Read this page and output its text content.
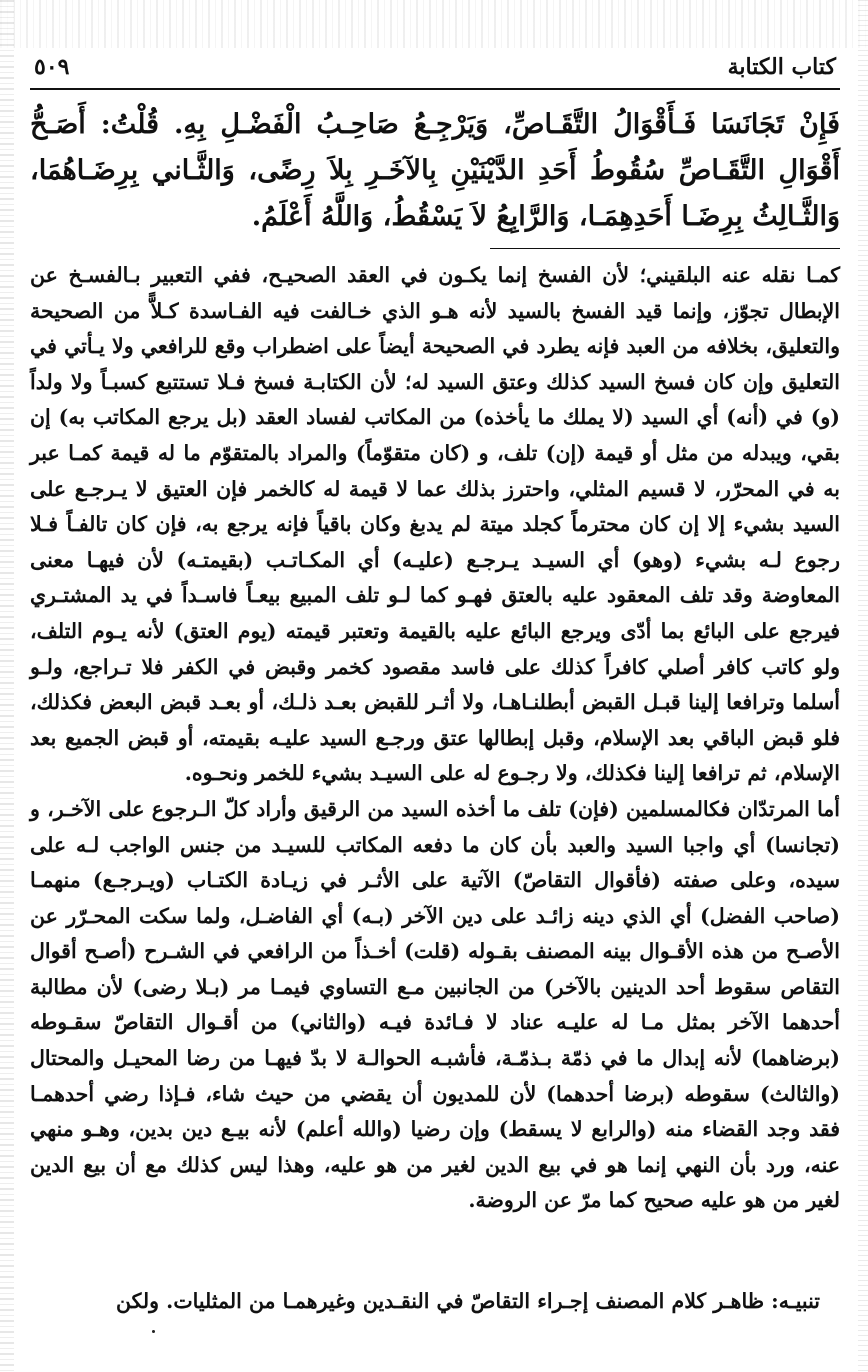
كتاب الكتابة
٥٠٩

فَإِنْ تَجَانَسَا فَـأَقْوَالُ التَّقَـاصِّ، وَيَرْجِـعُ صَاحِـبُ الْفَضْـلِ بِهِ. قُلْتُ: أَصَـحُّ أَقْوَالِ التَّقَـاصِّ سُقُوطُ أَحَدِ الدَّيْنَيْنِ بِالآخَـرِ بِلاَ رِضًى، وَالثَّـاني بِرِضَـاهُمَا، وَالثَّـالِثُ بِرِضَـا أَحَدِهِمَـا، وَالرَّابِعُ لاَ يَسْقُطُ، وَاللَّهُ أَعْلَمُ.

كمـا نقله عنه البلقيني؛ لأن الفسخ إنما يكـون في العقد الصحيـح، ففي التعبير بـالفسـخ عن الإبطال تجوّز، وإنما قيد الفسخ بالسيد لأنه هـو الذي خـالفت فيه الفـاسدة كـلاًّ من الصحيحة والتعليق، بخلافه من العبد فإنه يطرد في الصحيحة أيضاً على اضطراب وقع للرافعي ولا يـأتي في التعليق وإن كان فسخ السيد كذلك وعتق السيد له؛ لأن الكتابـة فسخ فـلا تستتبع كسبـاً ولا ولداً (و) في (أنه) أي السيد (لا يملك ما يأخذه) من المكاتب لفساد العقد (بل يرجع المكاتب به) إن بقي، ويبدله من مثل أو قيمة (إن) تلف، و (كان متقوّماً) والمراد بالمتقوّم ما له قيمة كمـا عبر به في المحرّر، لا قسيم المثلي، واحترز بذلك عما لا قيمة له كالخمر فإن العتيق لا يـرجـع على السيد بشيء إلا إن كان محترماً كجلد ميتة لم يدبغ وكان باقياً فإنه يرجع به، فإن كان تالفـاً فـلا رجوع لـه بشيء (وهو) أي السيـد يـرجـع (عليـه) أي المكـاتـب (بقيمتـه) لأن فيهـا معنى المعاوضة وقد تلف المعقود عليه بالعتق فهـو كما لـو تلف المبيع بيعـاً فاسـداً في يد المشتـري فيرجع على البائع بما أدّى ويرجع البائع عليه بالقيمة وتعتبر قيمته (يوم العتق) لأنه يـوم التلف، ولو كاتب كافر أصلي كافراً كذلك على فاسد مقصود كخمر وقبض في الكفر فلا تـراجع، ولـو أسلما وترافعا إلينا قبـل القبض أبطلنـاهـا، ولا أثـر للقبض بعـد ذلـك، أو بعـد قبض البعض فكذلك، فلو قبض الباقي بعد الإسلام، وقبل إبطالها عتق ورجـع السيد عليـه بقيمته، أو قبض الجميع بعد الإسلام، ثم ترافعا إلينا فكذلك، ولا رجـوع له على السيـد بشيء للخمر ونحـوه.

أما المرتدّان فكالمسلمين (فإن) تلف ما أخذه السيد من الرقيق وأراد كلّ الـرجوع على الآخـر، و (تجانسا) أي واجبا السيد والعبد بأن كان ما دفعه المكاتب للسيـد من جنس الواجب لـه على سيده، وعلى صفته (فأقوال التقاصّ) الآتية على الأثـر في زيـادة الكتـاب (ويـرجـع) منهمـا (صاحب الفضل) أي الذي دينه زائـد على دين الآخر (بـه) أي الفاضـل، ولما سكت المحـرّر عن الأصـح من هذه الأقـوال بينه المصنف بقـوله (قلت) أخـذاً من الرافعي في الشـرح (أصـح أقوال التقاص سقوط أحد الدينين بالآخر) من الجانبين مـع التساوي فيمـا مر (بـلا رضى) لأن مطالبة أحدهما الآخر بمثل مـا له عليـه عناد لا فـائدة فيـه (والثاني) من أقـوال التقاصّ سقـوطه (برضاهما) لأنه إبدال ما في ذمّة بـذمّـة، فأشبـه الحوالـة لا بدّ فيهـا من رضا المحيـل والمحتال (والثالث) سقوطه (برضا أحدهما) لأن للمديون أن يقضي من حيث شاء، فـإذا رضي أحدهمـا فقد وجد القضاء منه (والرابع لا يسقط) وإن رضيا (والله أعلم) لأنه بيـع دين بدين، وهـو منهي عنه، ورد بأن النهي إنما هو في بيع الدين لغير من هو عليه، وهذا ليس كذلك مع أن بيع الدين لغير من هو عليه صحيح كما مرّ عن الروضة.

تنبيـه: ظاهـر كلام المصنف إجـراء التقاصّ في النقـدين وغيرهمـا من المثليات. ولكن
